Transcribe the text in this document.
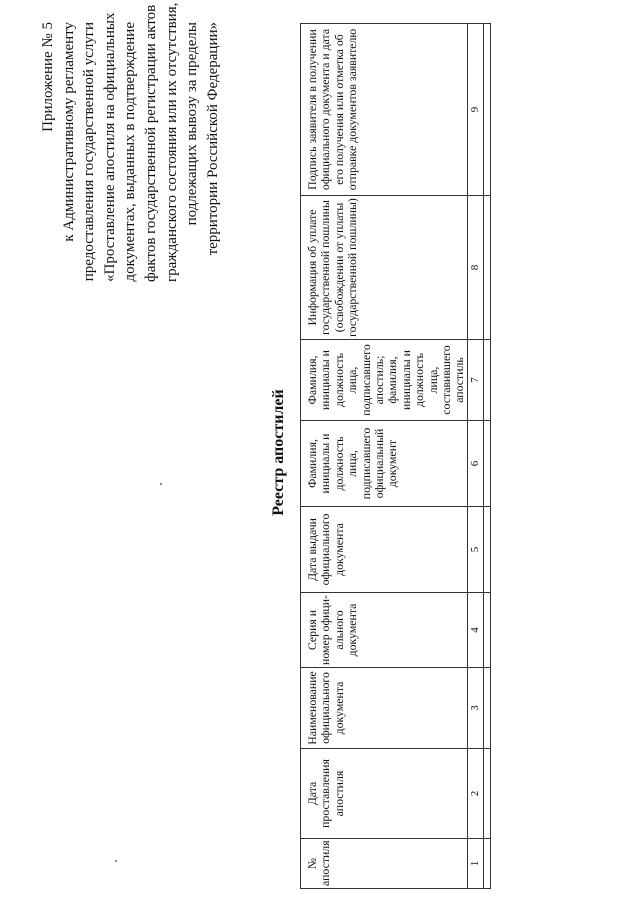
Приложение № 5 к Административному регламенту предоставления государственной услуги «Проставление апостиля на официальных документах, выданных в подтверждение фактов государственной регистрации актов гражданского состояния или их отсутствия, подлежащих вывозу за пределы территории Российской Федерации»
Реестр апостилей
№ апостиля	Дата проставления апостиля	Наименование официального документа	Серия и номер офици-ального документа	Дата выдачи официального документа	Фамилия, инициалы и должность лица, подписавшего официальный документ	Фамилия, инициалы и должность лица, подписавшего апостиль; фамилия, инициалы и должность лица, составившего апостиль	Информация об уплате государственной пошлины (освобождении от уплаты государственной пошлины)	Подпись заявителя в получении официального документа и дата его получения или отметка об отправке документов заявителю
1	2	3	4	5	6	7	8	9
